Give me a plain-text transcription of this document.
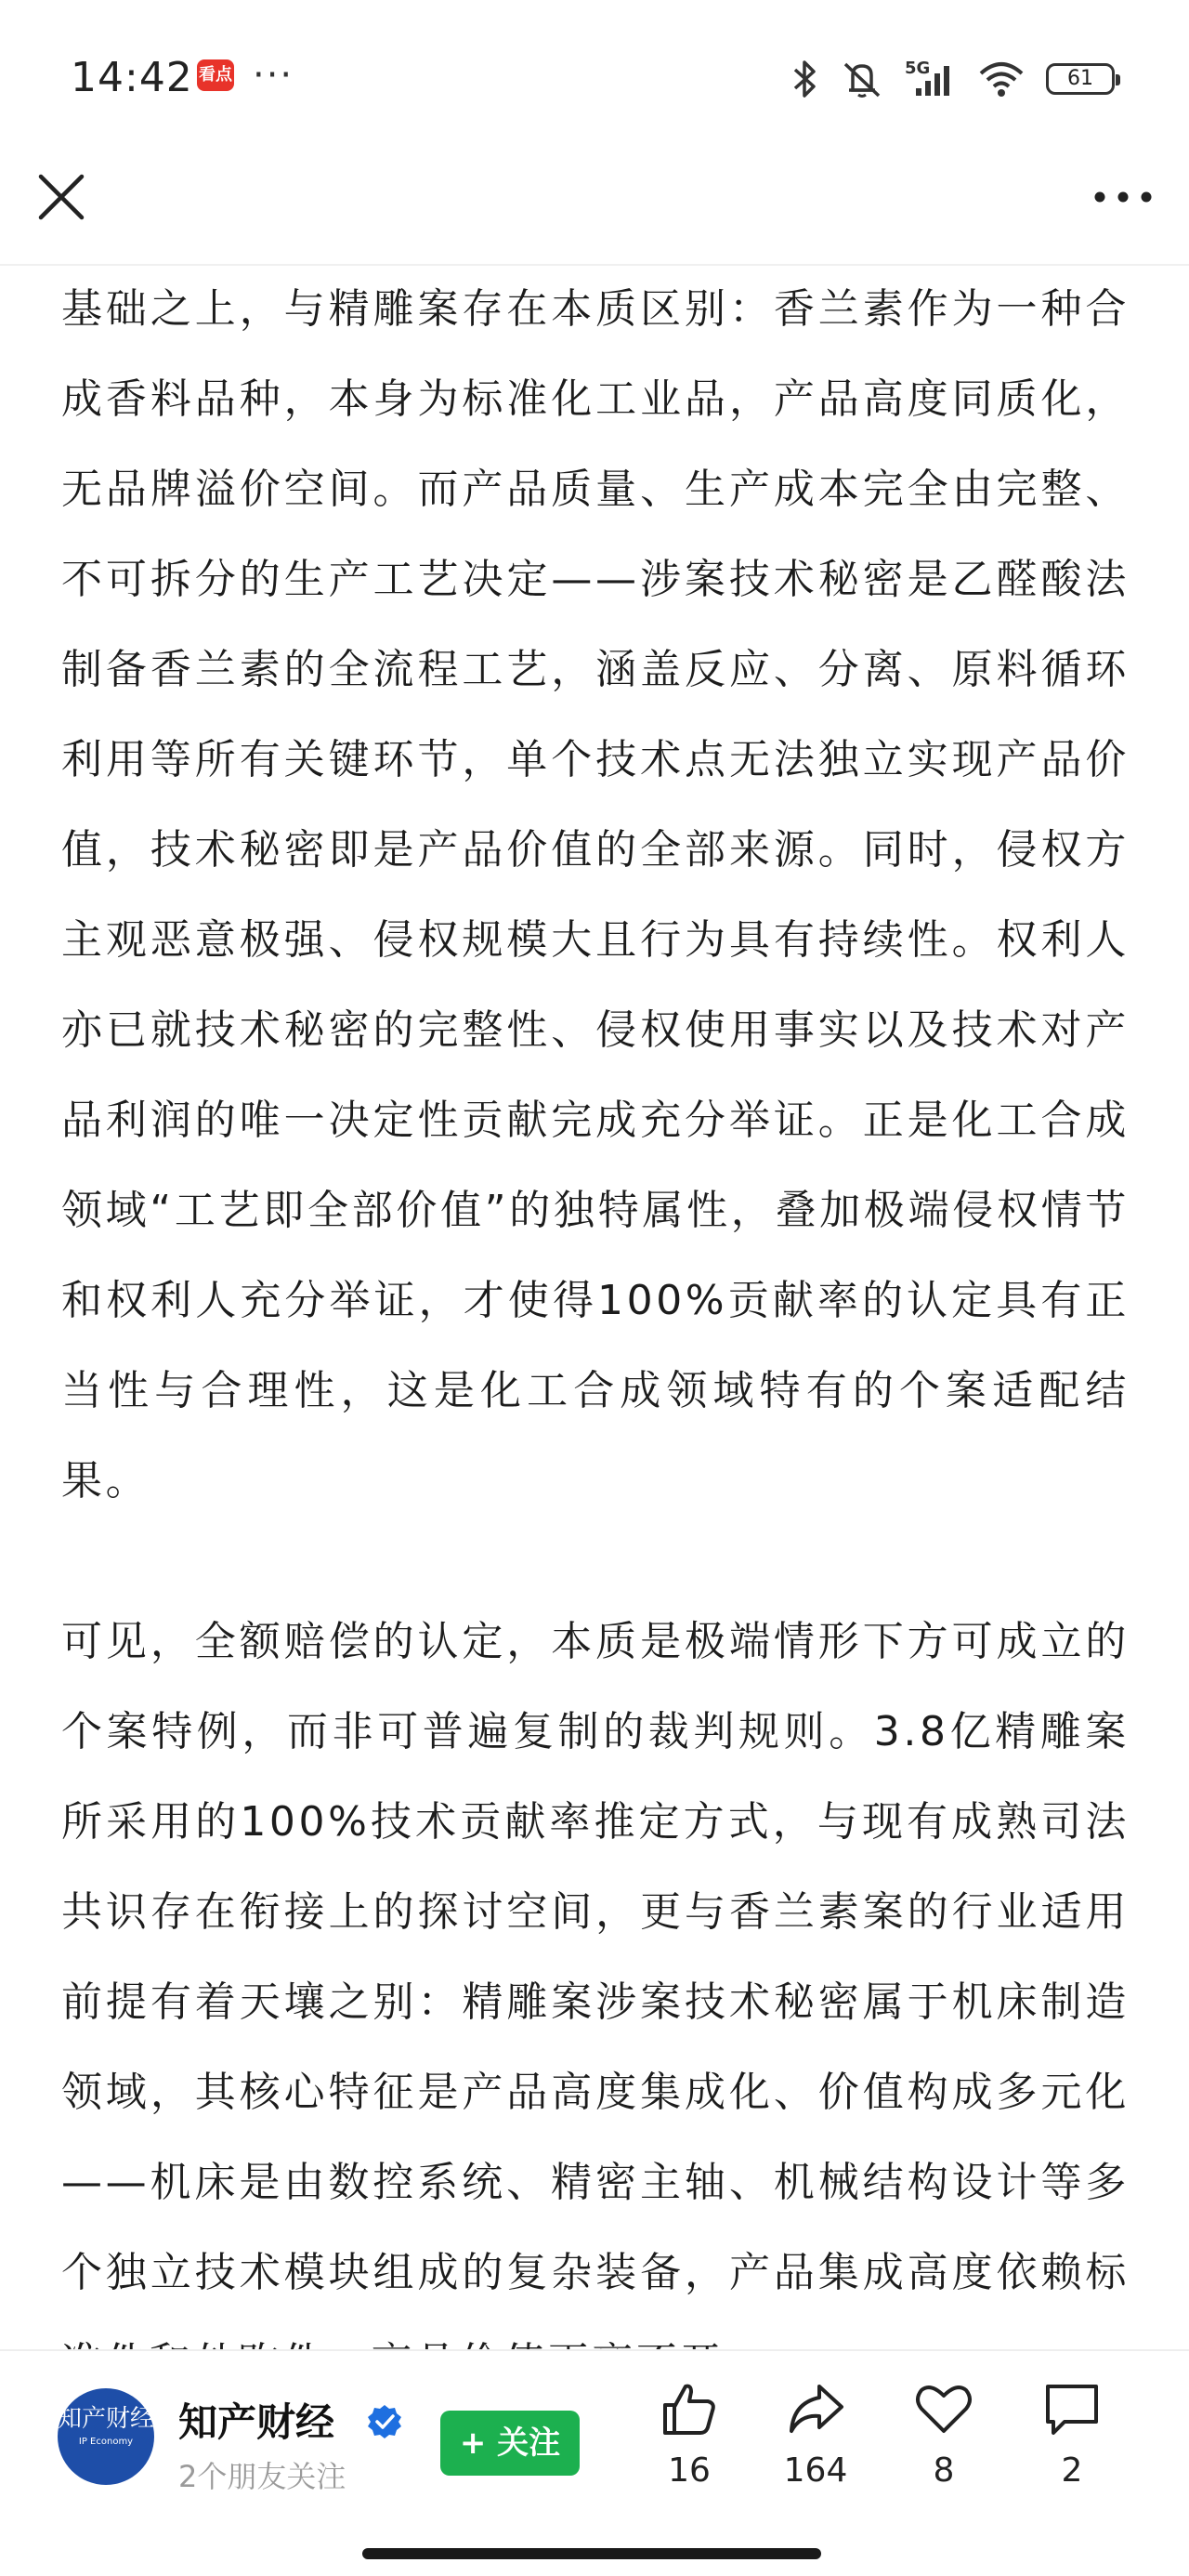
14:42 看点 ···	5G	61

基础之上，与精雕案存在本质区别：香兰素作为一种合成香料品种，本身为标准化工业品，产品高度同质化，无品牌溢价空间。而产品质量、生产成本完全由完整、不可拆分的生产工艺决定——涉案技术秘密是乙醛酸法制备香兰素的全流程工艺，涵盖反应、分离、原料循环利用等所有关键环节，单个技术点无法独立实现产品价值，技术秘密即是产品价值的全部来源。同时，侵权方主观恶意极强、侵权规模大且行为具有持续性。权利人亦已就技术秘密的完整性、侵权使用事实以及技术对产品利润的唯一决定性贡献完成充分举证。正是化工合成领域“工艺即全部价值”的独特属性，叠加极端侵权情节和权利人充分举证，才使得100%贡献率的认定具有正当性与合理性，这是化工合成领域特有的个案适配结果。

可见，全额赔偿的认定，本质是极端情形下方可成立的个案特例，而非可普遍复制的裁判规则。3.8亿精雕案所采用的100%技术贡献率推定方式，与现有成熟司法共识存在衔接上的探讨空间，更与香兰素案的行业适用前提有着天壤之别：精雕案涉案技术秘密属于机床制造领域，其核心特征是产品高度集成化、价值构成多元化——机床是由数控系统、精密主轴、机械结构设计等多个独立技术模块组成的复杂装备，产品集成高度依赖标

知产财经
IP Economy	知产财经
2个朋友关注
+ 关注
16	164	8	2
